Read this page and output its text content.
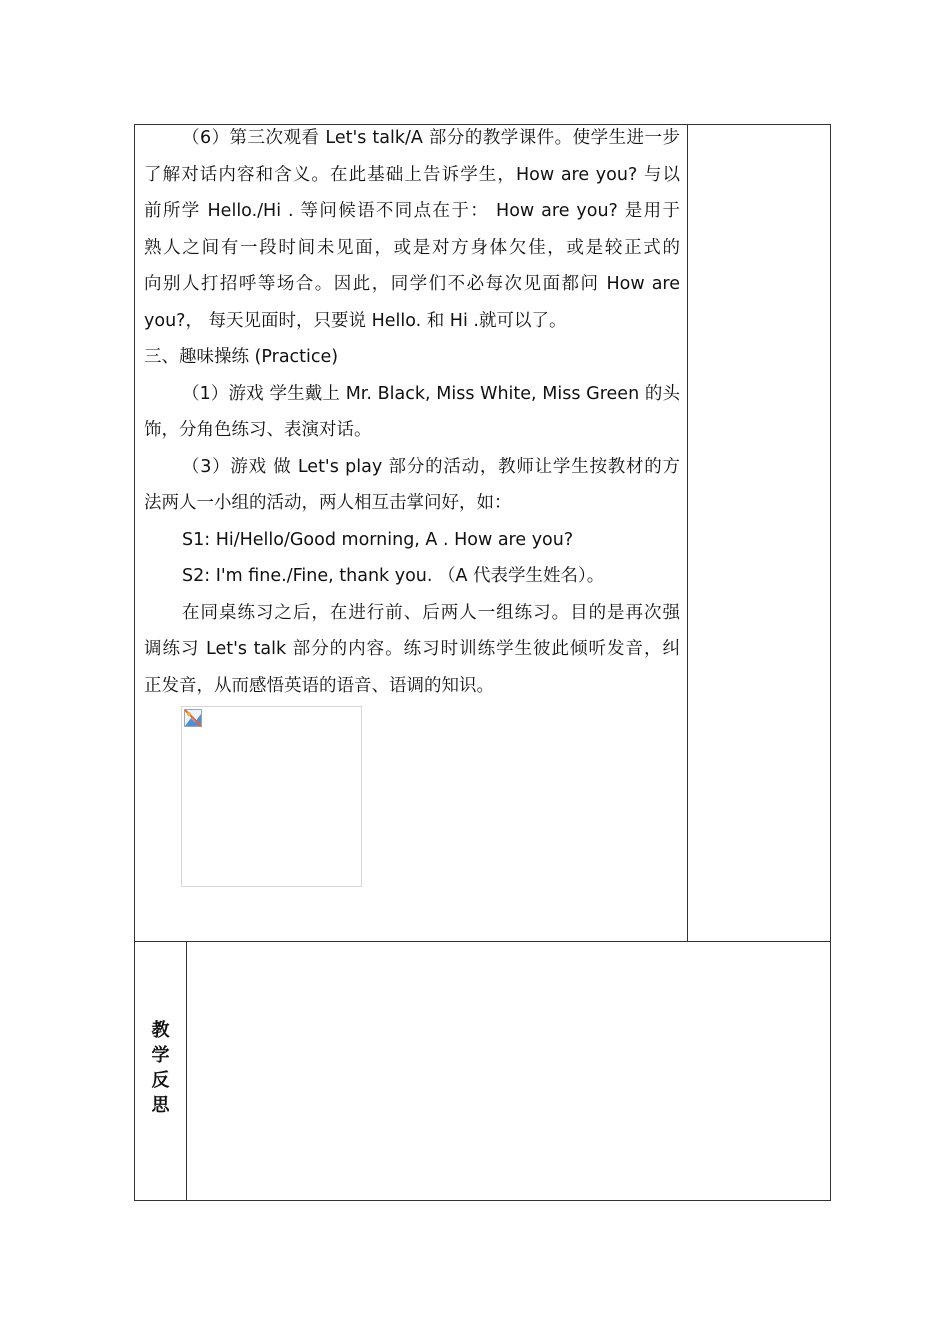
（6）第三次观看 Let's talk/A 部分的教学课件。使学生进一步

了解对话内容和含义。在此基础上告诉学生，How are you? 与以

前所学 Hello./Hi . 等问候语不同点在于： How are you? 是用于

熟人之间有一段时间未见面，或是对方身体欠佳，或是较正式的

向别人打招呼等场合。因此，同学们不必每次见面都问 How are

you?， 每天见面时，只要说 Hello. 和 Hi .就可以了。

三、趣味操练 (Practice)

（1）游戏 学生戴上 Mr. Black, Miss White, Miss Green 的头

饰，分角色练习、表演对话。

（3）游戏 做 Let's play 部分的活动，教师让学生按教材的方

法两人一小组的活动，两人相互击掌问好，如：

S1: Hi/Hello/Good morning, A . How are you?

S2: I'm fine./Fine, thank you. （A 代表学生姓名）。

在同桌练习之后，在进行前、后两人一组练习。目的是再次强

调练习 Let's talk 部分的内容。练习时训练学生彼此倾听发音，纠

正发音，从而感悟英语的语音、语调的知识。

教
学
反
思
